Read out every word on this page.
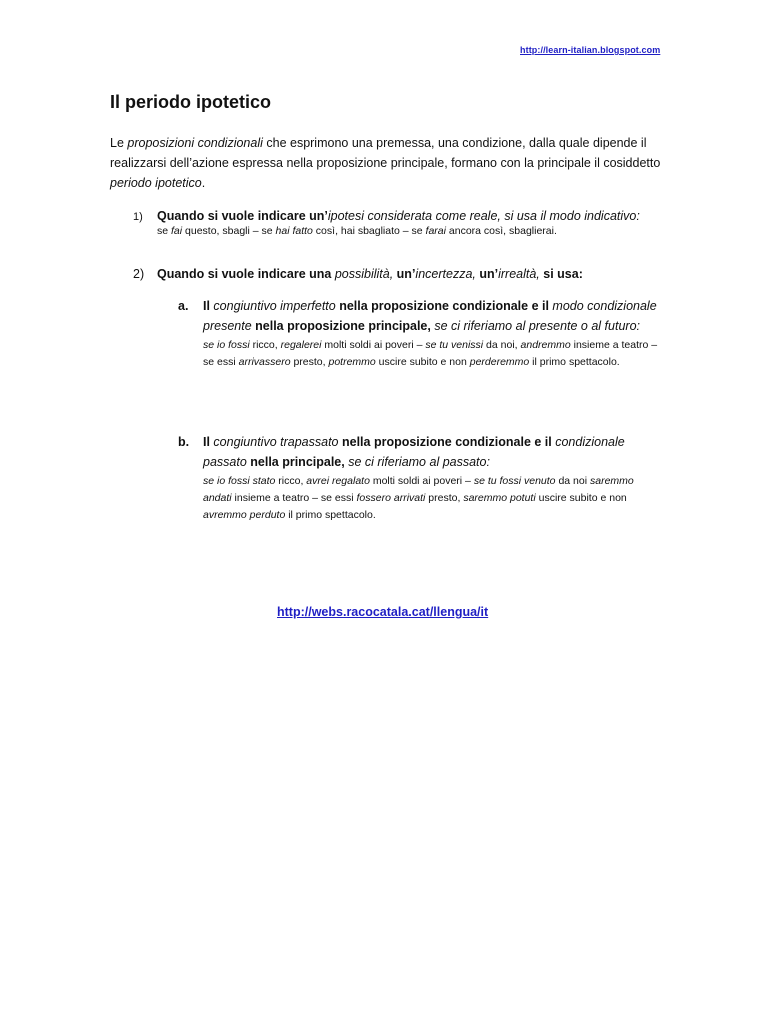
http://learn-italian.blogspot.com
Il periodo ipotetico

Le proposizioni condizionali che esprimono una premessa, una condizione, dalla quale dipende il realizzarsi dell’azione espressa nella proposizione principale, formano con la principale il cosiddetto periodo ipotetico.

1) Quando si vuole indicare un’ipotesi considerata come reale, si usa il modo indicativo:
se fai questo, sbagli – se hai fatto così, hai sbagliato – se farai ancora così, sbaglierai.
2) Quando si vuole indicare una possibilità, un’incertezza, un’irrealtà, si usa:
a. Il congiuntivo imperfetto nella proposizione condizionale e il modo condizionale presente nella proposizione principale, se ci riferiamo al presente o al futuro:
se io fossi ricco, regalerei molti soldi ai poveri – se tu venissi da noi, andremmo insieme a teatro – se essi arrivassero presto, potremmo uscire subito e non perderemmo il primo spettacolo.
b. Il congiuntivo trapassato nella proposizione condizionale e il condizionale passato nella principale, se ci riferiamo al passato:
se io fossi stato ricco, avrei regalato molti soldi ai poveri – se tu fossi venuto da noi saremmo andati insieme a teatro – se essi fossero arrivati presto, saremmo potuti uscire subito e non avremmo perduto il primo spettacolo.
http://webs.racocatala.cat/llengua/it
